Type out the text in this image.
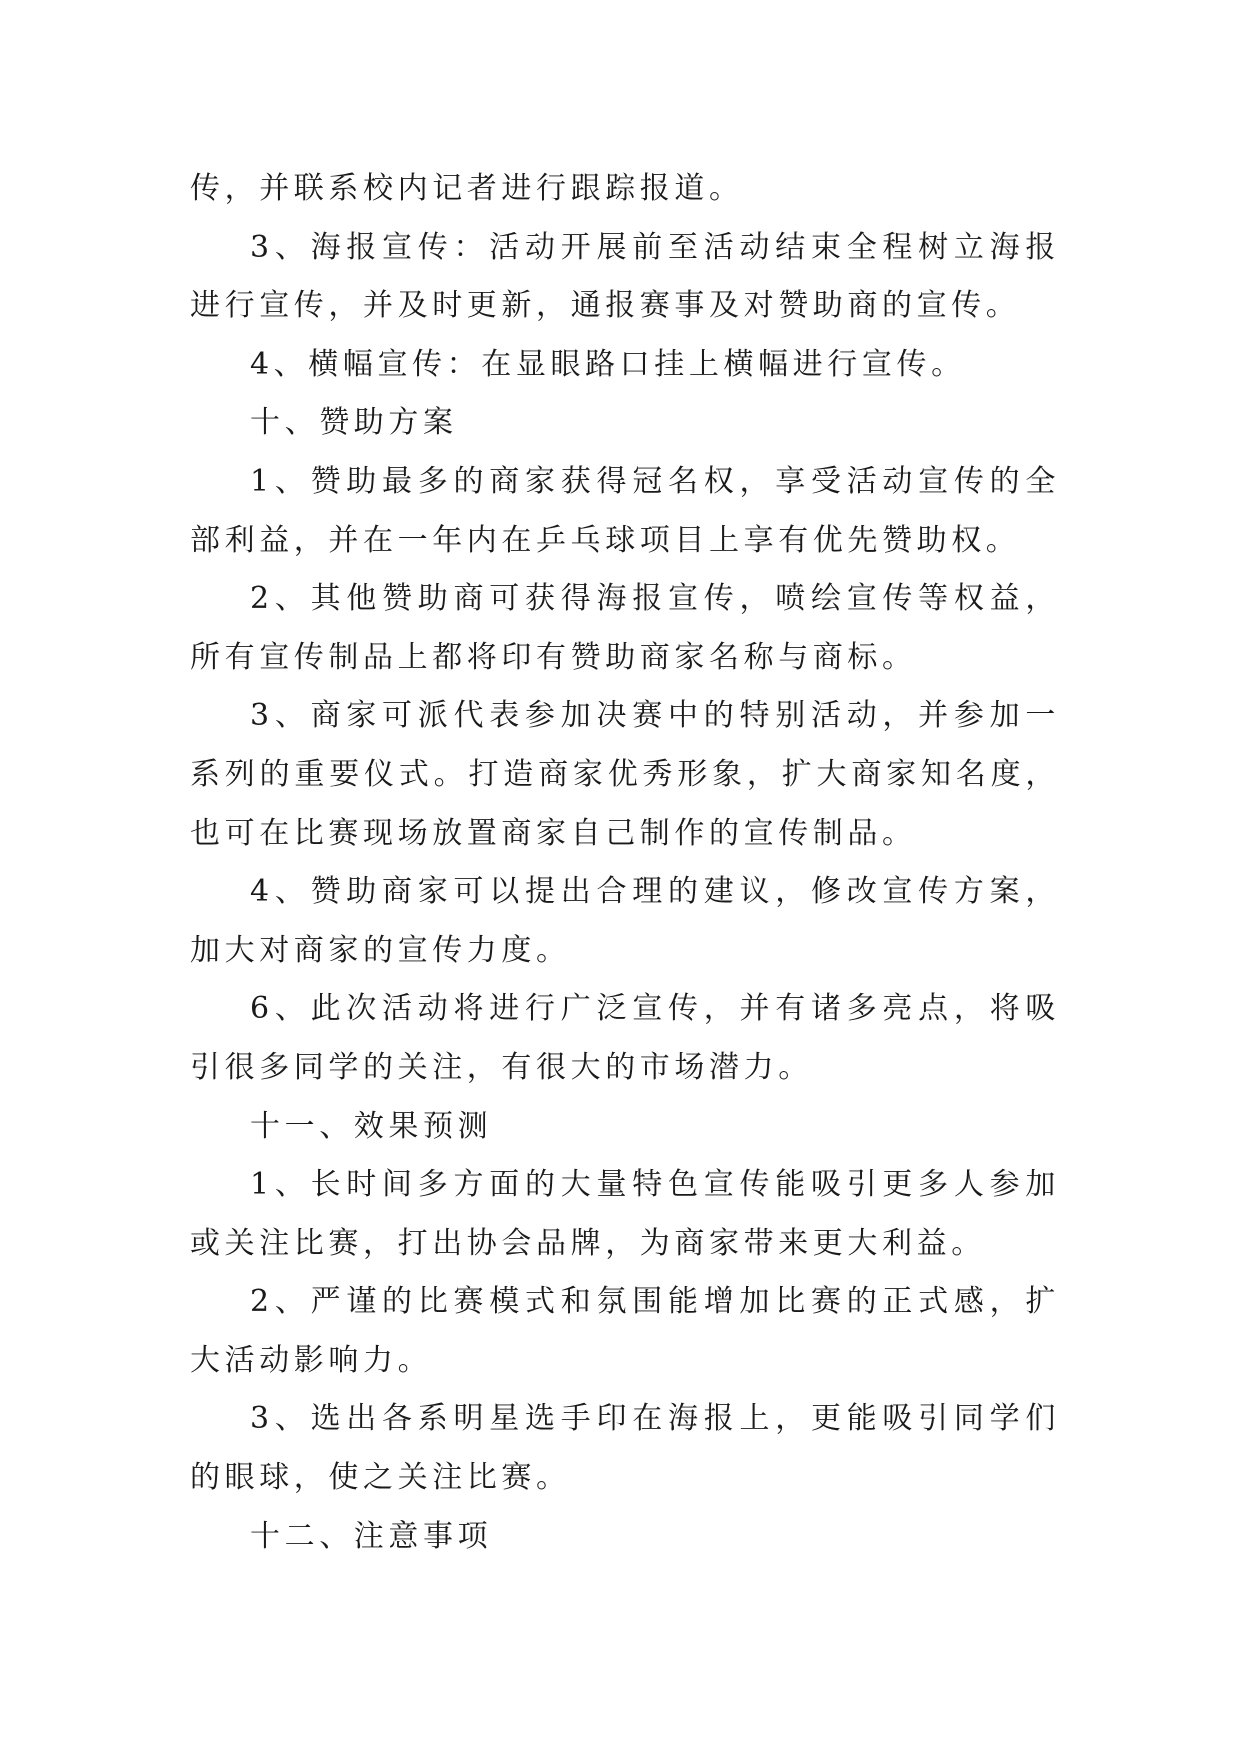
传，并联系校内记者进行跟踪报道。

3、海报宣传：活动开展前至活动结束全程树立海报进行宣传，并及时更新，通报赛事及对赞助商的宣传。

4、横幅宣传：在显眼路口挂上横幅进行宣传。

十、赞助方案

1、赞助最多的商家获得冠名权，享受活动宣传的全部利益，并在一年内在乒乓球项目上享有优先赞助权。

2、其他赞助商可获得海报宣传，喷绘宣传等权益，所有宣传制品上都将印有赞助商家名称与商标。

3、商家可派代表参加决赛中的特别活动，并参加一系列的重要仪式。打造商家优秀形象，扩大商家知名度，也可在比赛现场放置商家自己制作的宣传制品。

4、赞助商家可以提出合理的建议，修改宣传方案，加大对商家的宣传力度。

6、此次活动将进行广泛宣传，并有诸多亮点，将吸引很多同学的关注，有很大的市场潜力。

十一、效果预测

1、长时间多方面的大量特色宣传能吸引更多人参加或关注比赛，打出协会品牌，为商家带来更大利益。

2、严谨的比赛模式和氛围能增加比赛的正式感，扩大活动影响力。

3、选出各系明星选手印在海报上，更能吸引同学们的眼球，使之关注比赛。

十二、注意事项
